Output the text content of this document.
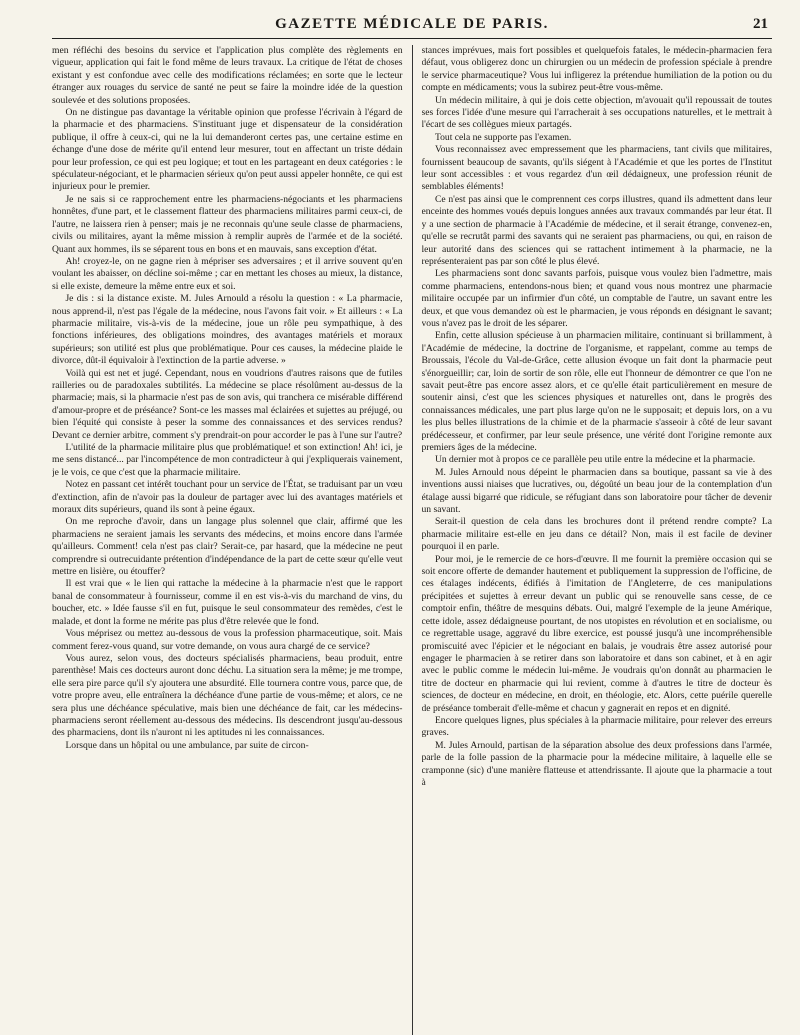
GAZETTE MÉDICALE DE PARIS.	21

men réfléchi des besoins du service et l'application plus complète des règlements en vigueur, application qui fait le fond même de leurs travaux. La critique de l'état de choses existant y est confondue avec celle des modifications réclamées; en sorte que le lecteur étranger aux rouages du service de santé ne peut se faire la moindre idée de la question soulevée et des solutions proposées.

On ne distingue pas davantage la véritable opinion que professe l'écrivain à l'égard de la pharmacie et des pharmaciens. S'instituant juge et dispensateur de la considération publique, il offre à ceux-ci, qui ne la lui demanderont certes pas, une certaine estime en échange d'une dose de mérite qu'il entend leur mesurer, tout en affectant un triste dédain pour leur profession, ce qui est peu logique; et tout en les partageant en deux catégories : le spéculateur-négociant, et le pharmacien sérieux qu'on peut aussi appeler honnête, ce qui est injurieux pour le premier.

Je ne sais si ce rapprochement entre les pharmaciens-négociants et les pharmaciens honnêtes, d'une part, et le classement flatteur des pharmaciens militaires parmi ceux-ci, de l'autre, ne laissera rien à penser; mais je ne reconnais qu'une seule classe de pharmaciens, civils ou militaires, ayant la même mission à remplir auprès de l'armée et de la société. Quant aux hommes, ils se séparent tous en bons et en mauvais, sans exception d'état.

Ah! croyez-le, on ne gagne rien à mépriser ses adversaires ; et il arrive souvent qu'en voulant les abaisser, on décline soi-même ; car en mettant les choses au mieux, la distance, si elle existe, demeure la même entre eux et soi.

Je dis : si la distance existe. M. Jules Arnould a résolu la question : « La pharmacie, nous apprend-il, n'est pas l'égale de la médecine, nous l'avons fait voir. » Et ailleurs : « La pharmacie militaire, vis-à-vis de la médecine, joue un rôle peu sympathique, à des fonctions inférieures, des obligations moindres, des avantages matériels et moraux supérieurs; son utilité est plus que problématique. Pour ces causes, la médecine plaide le divorce, dût-il équivaloir à l'extinction de la partie adverse. »

Voilà qui est net et jugé. Cependant, nous en voudrions d'autres raisons que de futiles railleries ou de paradoxales subtilités. La médecine se place résolûment au-dessus de la pharmacie; mais, si la pharmacie n'est pas de son avis, qui tranchera ce misérable différend d'amour-propre et de préséance? Sont-ce les masses mal éclairées et sujettes au préjugé, ou bien l'équité qui consiste à peser la somme des connaissances et des services rendus? Devant ce dernier arbitre, comment s'y prendrait-on pour accorder le pas à l'une sur l'autre?

L'utilité de la pharmacie militaire plus que problématique! et son extinction! Ah! ici, je me sens distancé... par l'incompétence de mon contradicteur à qui j'expliquerais vainement, je le vois, ce que c'est que la pharmacie militaire.

Notez en passant cet intérêt touchant pour un service de l'État, se traduisant par un vœu d'extinction, afin de n'avoir pas la douleur de partager avec lui des avantages matériels et moraux dits supérieurs, quand ils sont à peine égaux.

On me reproche d'avoir, dans un langage plus solennel que clair, affirmé que les pharmaciens ne seraient jamais les servants des médecins, et moins encore dans l'armée qu'ailleurs. Comment! cela n'est pas clair? Serait-ce, par hasard, que la médecine ne peut comprendre si outrecuidante prétention d'indépendance de la part de cette sœur qu'elle veut mettre en lisière, ou étouffer?

Il est vrai que « le lien qui rattache la médecine à la pharmacie n'est que le rapport banal de consommateur à fournisseur, comme il en est vis-à-vis du marchand de vins, du boucher, etc. » Idée fausse s'il en fut, puisque le seul consommateur des remèdes, c'est le malade, et dont la forme ne mérite pas plus d'être relevée que le fond.

Vous méprisez ou mettez au-dessous de vous la profession pharmaceutique, soit. Mais comment ferez-vous quand, sur votre demande, on vous aura chargé de ce service?

Vous aurez, selon vous, des docteurs spécialisés pharmaciens, beau produit, entre parenthèse! Mais ces docteurs auront donc déchu. La situation sera la même; je me trompe, elle sera pire parce qu'il s'y ajoutera une absurdité. Elle tournera contre vous, parce que, de votre propre aveu, elle entraînera la déchéance d'une partie de vous-même; et alors, ce ne sera plus une déchéance spéculative, mais bien une déchéance de fait, car les médecins-pharmaciens seront réellement au-dessous des médecins. Ils descendront jusqu'au-dessous des pharmaciens, dont ils n'auront ni les aptitudes ni les connaissances.

Lorsque dans un hôpital ou une ambulance, par suite de circon-

stances imprévues, mais fort possibles et quelquefois fatales, le médecin-pharmacien fera défaut, vous obligerez donc un chirurgien ou un médecin de profession spéciale à prendre le service pharmaceutique? Vous lui infligerez la prétendue humiliation de la potion ou du compte en médicaments; vous la subirez peut-être vous-même.

Un médecin militaire, à qui je dois cette objection, m'avouait qu'il repoussait de toutes ses forces l'idée d'une mesure qui l'arracherait à ses occupations naturelles, et le mettrait à l'écart de ses collègues mieux partagés.

Tout cela ne supporte pas l'examen.

Vous reconnaissez avec empressement que les pharmaciens, tant civils que militaires, fournissent beaucoup de savants, qu'ils siégent à l'Académie et que les portes de l'Institut leur sont accessibles : et vous regardez d'un œil dédaigneux, une profession réunit de semblables éléments!

Ce n'est pas ainsi que le comprennent ces corps illustres, quand ils admettent dans leur enceinte des hommes voués depuis longues années aux travaux commandés par leur état. Il y a une section de pharmacie à l'Académie de médecine, et il serait étrange, convenez-en, qu'elle se recrutât parmi des savants qui ne seraient pas pharmaciens, ou qui, en raison de leur autorité dans des sciences qui se rattachent intimement à la pharmacie, ne la représenteraient pas par son côté le plus élevé.

Les pharmaciens sont donc savants parfois, puisque vous voulez bien l'admettre, mais comme pharmaciens, entendons-nous bien; et quand vous nous montrez une pharmacie militaire occupée par un infirmier d'un côté, un comptable de l'autre, un savant entre les deux, et que vous demandez où est le pharmacien, je vous réponds en désignant le savant; vous n'avez pas le droit de les séparer.

Enfin, cette allusion spécieuse à un pharmacien militaire, continuant si brillamment, à l'Académie de médecine, la doctrine de l'organisme, et rappelant, comme au temps de Broussais, l'école du Val-de-Grâce, cette allusion évoque un fait dont la pharmacie peut s'énorgueillir; car, loin de sortir de son rôle, elle eut l'honneur de démontrer ce que l'on ne savait peut-être pas encore assez alors, et ce qu'elle était particulièrement en mesure de soutenir ainsi, c'est que les sciences physiques et naturelles ont, dans le progrès des connaissances médicales, une part plus large qu'on ne le supposait; et depuis lors, on a vu les plus belles illustrations de la chimie et de la pharmacie s'asseoir à côté de leur savant prédécesseur, et confirmer, par leur seule présence, une vérité dont l'origine remonte aux premiers âges de la médecine.

Un dernier mot à propos ce ce parallèle peu utile entre la médecine et la pharmacie.

M. Jules Arnould nous dépeint le pharmacien dans sa boutique, passant sa vie à des inventions aussi niaises que lucratives, ou, dégoûté un beau jour de la contemplation d'un étalage aussi bigarré que ridicule, se réfugiant dans son laboratoire pour tâcher de devenir un savant.

Serait-il question de cela dans les brochures dont il prétend rendre compte? La pharmacie militaire est-elle en jeu dans ce détail? Non, mais il est facile de deviner pourquoi il en parle.

Pour moi, je le remercie de ce hors-d'œuvre. Il me fournit la première occasion qui se soit encore offerte de demander hautement et publiquement la suppression de l'officine, de ces étalages indécents, édifiés à l'imitation de l'Angleterre, de ces manipulations précipitées et sujettes à erreur devant un public qui se renouvelle sans cesse, de ce comptoir enfin, théâtre de mesquins débats. Oui, malgré l'exemple de la jeune Amérique, cette idole, assez dédaigneuse pourtant, de nos utopistes en révolution et en socialisme, ou ce regrettable usage, aggravé du libre exercice, est poussé jusqu'à une incompréhensible promiscuité avec l'épicier et le négociant en balais, je voudrais être assez autorisé pour engager le pharmacien à se retirer dans son laboratoire et dans son cabinet, et à en agir avec le public comme le médecin lui-même. Je voudrais qu'on donnât au pharmacien le titre de docteur en pharmacie qui lui revient, comme à d'autres le titre de docteur ès sciences, de docteur en médecine, en droit, en théologie, etc. Alors, cette puérile querelle de préséance tomberait d'elle-même et chacun y gagnerait en repos et en dignité.

Encore quelques lignes, plus spéciales à la pharmacie militaire, pour relever des erreurs graves.

M. Jules Arnould, partisan de la séparation absolue des deux professions dans l'armée, parle de la folle passion de la pharmacie pour la médecine militaire, à laquelle elle se cramponne (sic) d'une manière flatteuse et attendrissante. Il ajoute que la pharmacie a tout à
